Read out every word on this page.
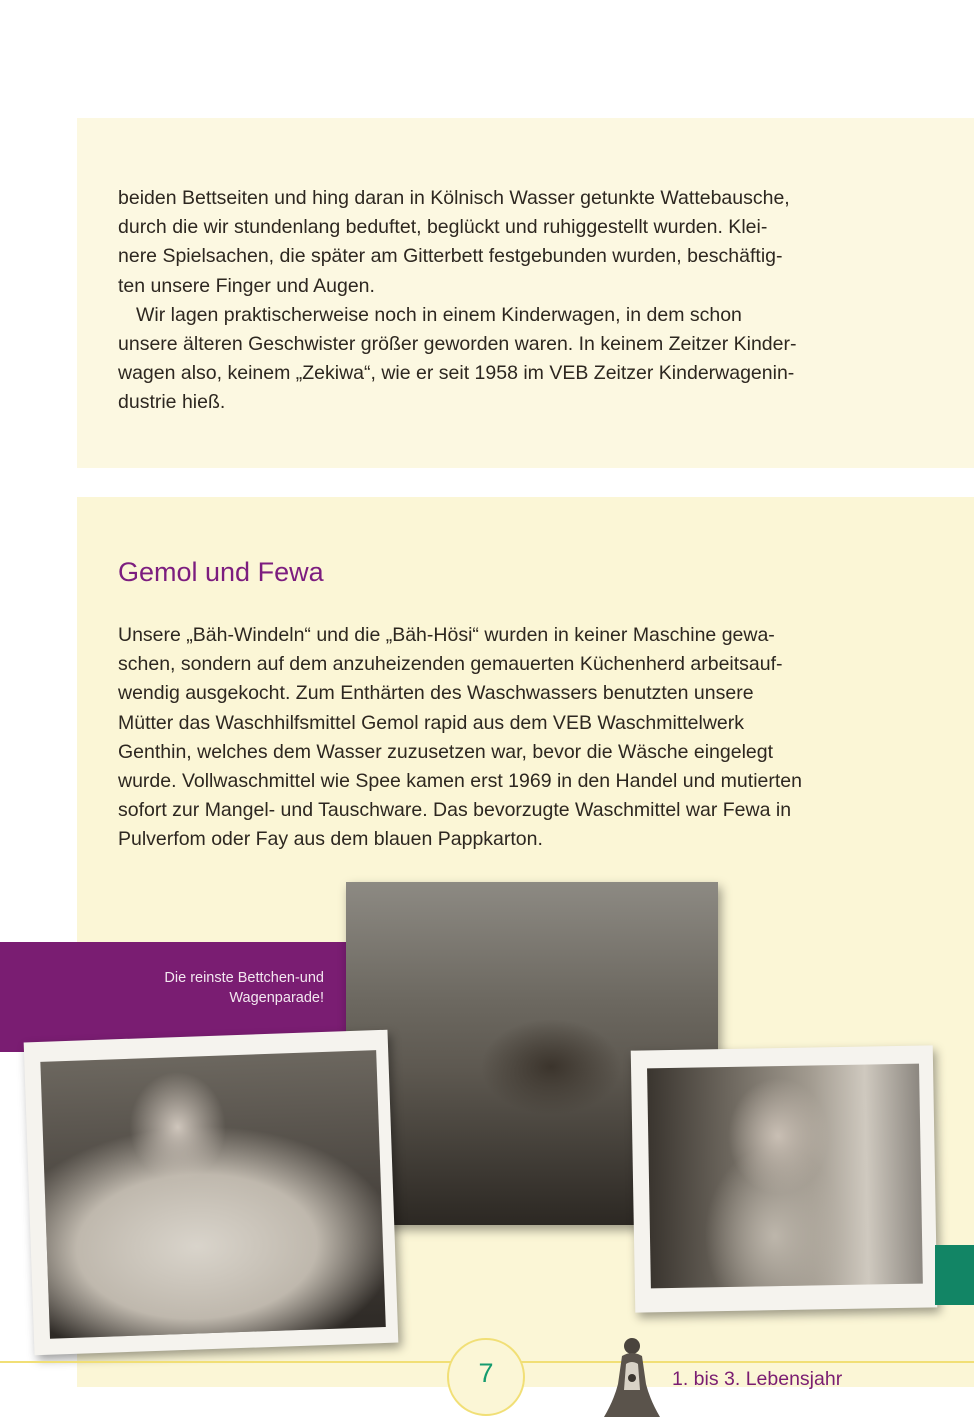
beiden Bettseiten und hing daran in Kölnisch Wasser getunkte Wattebausche,
durch die wir stundenlang beduftet, beglückt und ruhiggestellt wurden. Klei-
nere Spielsachen, die später am Gitterbett festgebunden wurden, beschäftig-
ten unsere Finger und Augen.

Wir lagen praktischerweise noch in einem Kinderwagen, in dem schon
unsere älteren Geschwister größer geworden waren. In keinem Zeitzer Kinder-
wagen also, keinem „Zekiwa“, wie er seit 1958 im VEB Zeitzer Kinderwagenin-
dustrie hieß.

Gemol und Fewa

Unsere „Bäh-Windeln“ und die „Bäh-Hösi“ wurden in keiner Maschine gewa-
schen, sondern auf dem anzuheizenden gemauerten Küchenherd arbeitsauf-
wendig ausgekocht. Zum Enthärten des Waschwassers benutzten unsere
Mütter das Waschhilfsmittel Gemol rapid aus dem VEB Waschmittelwerk
Genthin, welches dem Wasser zuzusetzen war, bevor die Wäsche eingelegt
wurde. Vollwaschmittel wie Spee kamen erst 1969 in den Handel und mutierten
sofort zur Mangel- und Tauschware. Das bevorzugte Waschmittel war Fewa in
Pulverfom oder Fay aus dem blauen Pappkarton.

Die reinste Bettchen-und
Wagenparade!
7	1. bis 3. Lebensjahr
